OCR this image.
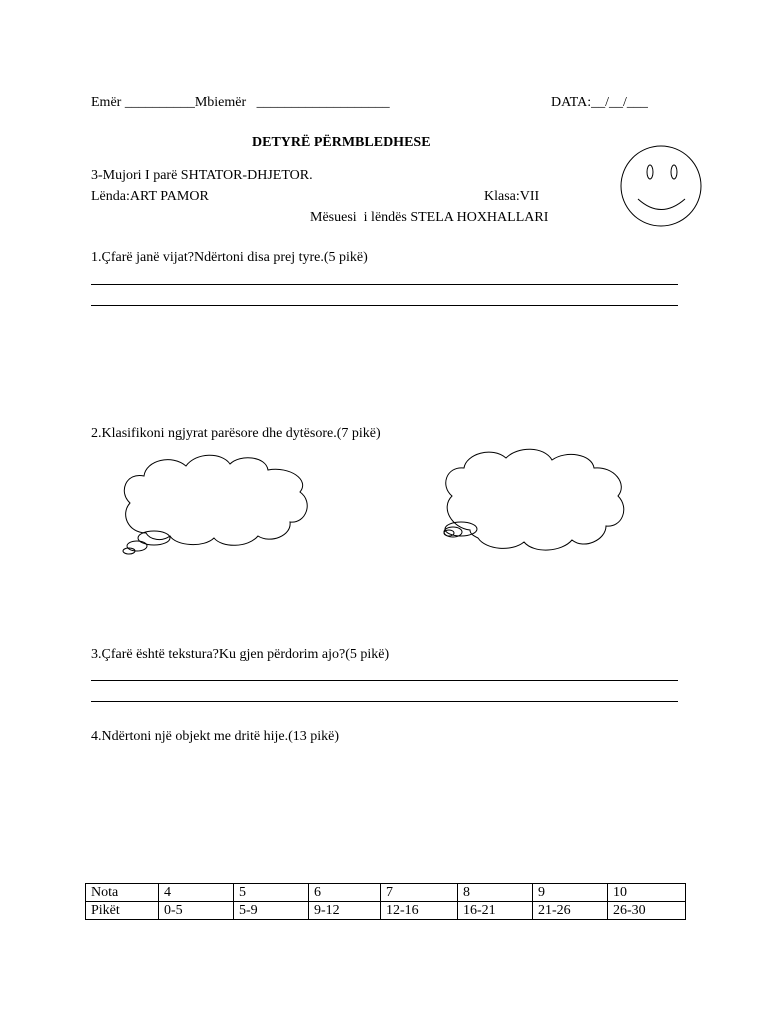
Emër __________Mbiemër   ___________________	DATA:__/__/___
DETYRË PËRMBLEDHESE
3-Mujori I parë SHTATOR-DHJETOR.
Lënda:ART PAMOR	Klasa:VII
Mësuesi  i lëndës STELA HOXHALLARI
1.Çfarë janë vijat?Ndërtoni disa prej tyre.(5 pikë)
2.Klasifikoni ngjyrat parësore dhe dytësore.(7 pikë)
3.Çfarë është tekstura?Ku gjen përdorim ajo?(5 pikë)
4.Ndërtoni një objekt me dritë hije.(13 pikë)
Nota	4	5	6	7	8	9	10
Pikët	0-5	5-9	9-12	12-16	16-21	21-26	26-30
